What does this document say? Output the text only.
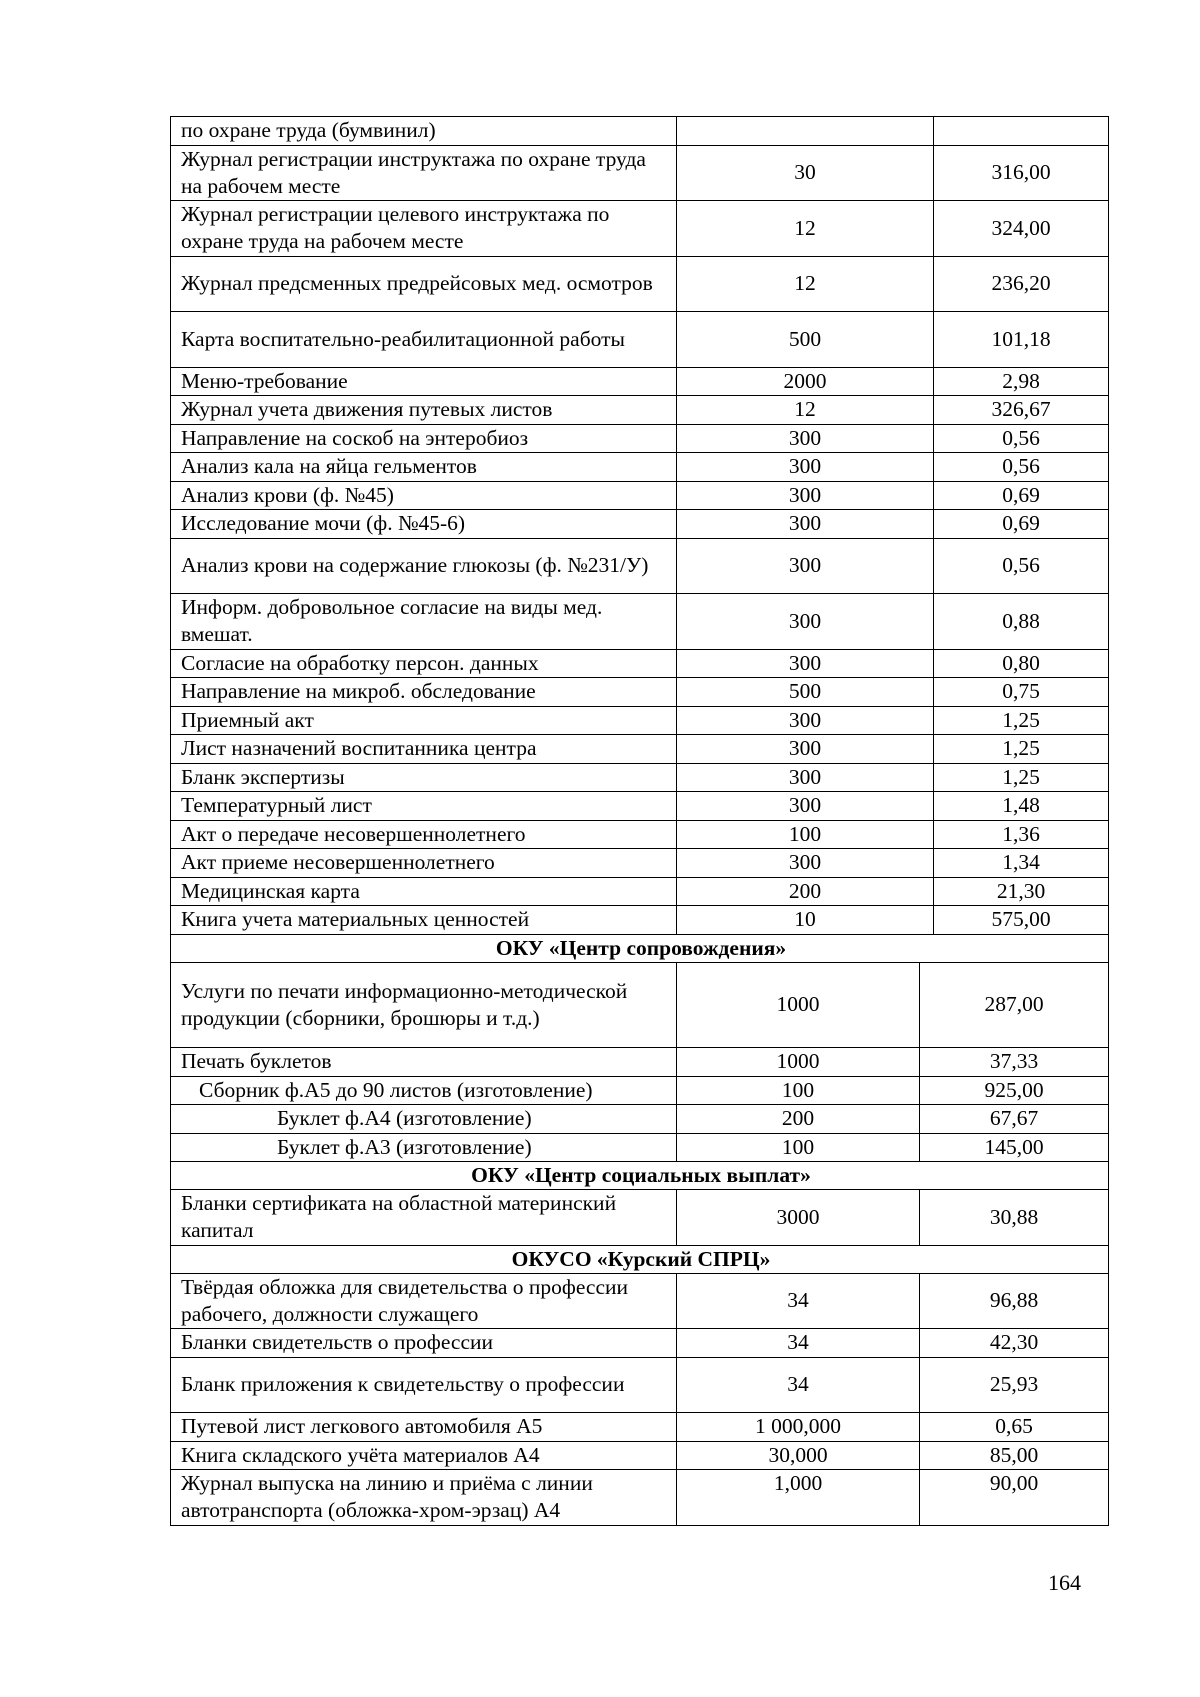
по охране труда (бумвинил)	

Журнал регистрации инструктажа по охране труда на рабочем месте	30 316,00

Журнал регистрации целевого инструктажа по охране труда на рабочем месте	12 324,00

Журнал предсменных предрейсовых мед. осмотров	12 236,20

Карта воспитательно-реабилитационной работы	500 101,18

Меню-требование	2000 2,98

Журнал учета движения путевых листов	12 326,67

Направление на соскоб на энтеробиоз	300 0,56

Анализ кала на яйца гельментов	300 0,56

Анализ крови (ф. №45)	300 0,69

Исследование мочи (ф. №45-6)	300 0,69

Анализ крови на содержание глюкозы (ф. №231/У)	300 0,56

Информ. добровольное согласие на виды мед. вмешат.	300 0,88

Согласие на обработку персон. данных	300 0,80

Направление на микроб. обследование	500 0,75

Приемный акт	300 1,25

Лист назначений воспитанника центра	300 1,25

Бланк экспертизы	300 1,25

Температурный лист	300 1,48

Акт о передаче несовершеннолетнего	100 1,36

Акт приеме несовершеннолетнего	300 1,34

Медицинская карта	200 21,30

Книга учета материальных ценностей	10 575,00

ОКУ «Центр сопровождения»	
Услуги по печати информационно-методической продукции (сборники, брошюры и т.д.)	1000 287,00

Печать буклетов	1000 37,33

Сборник ф.А5 до 90 листов (изготовление)	100 925,00

Буклет ф.А4 (изготовление)	200 67,67

Буклет ф.А3 (изготовление)	100 145,00

ОКУ «Центр социальных выплат»	
Бланки сертификата на областной материнский капитал	3000 30,88

ОКУСО «Курский СПРЦ»	
Твёрдая обложка для свидетельства о профессии рабочего, должности служащего	34 96,88

Бланки свидетельств о профессии	34 42,30

Бланк приложения к свидетельству о профессии	34 25,93

Путевой лист легкового автомобиля А5	1 000,000 0,65

Книга складского учёта материалов А4	30,000 85,00

Журнал выпуска на линию и приёма с линии автотранспорта (обложка-хром-эрзац) А4	1,000 90,00
164
